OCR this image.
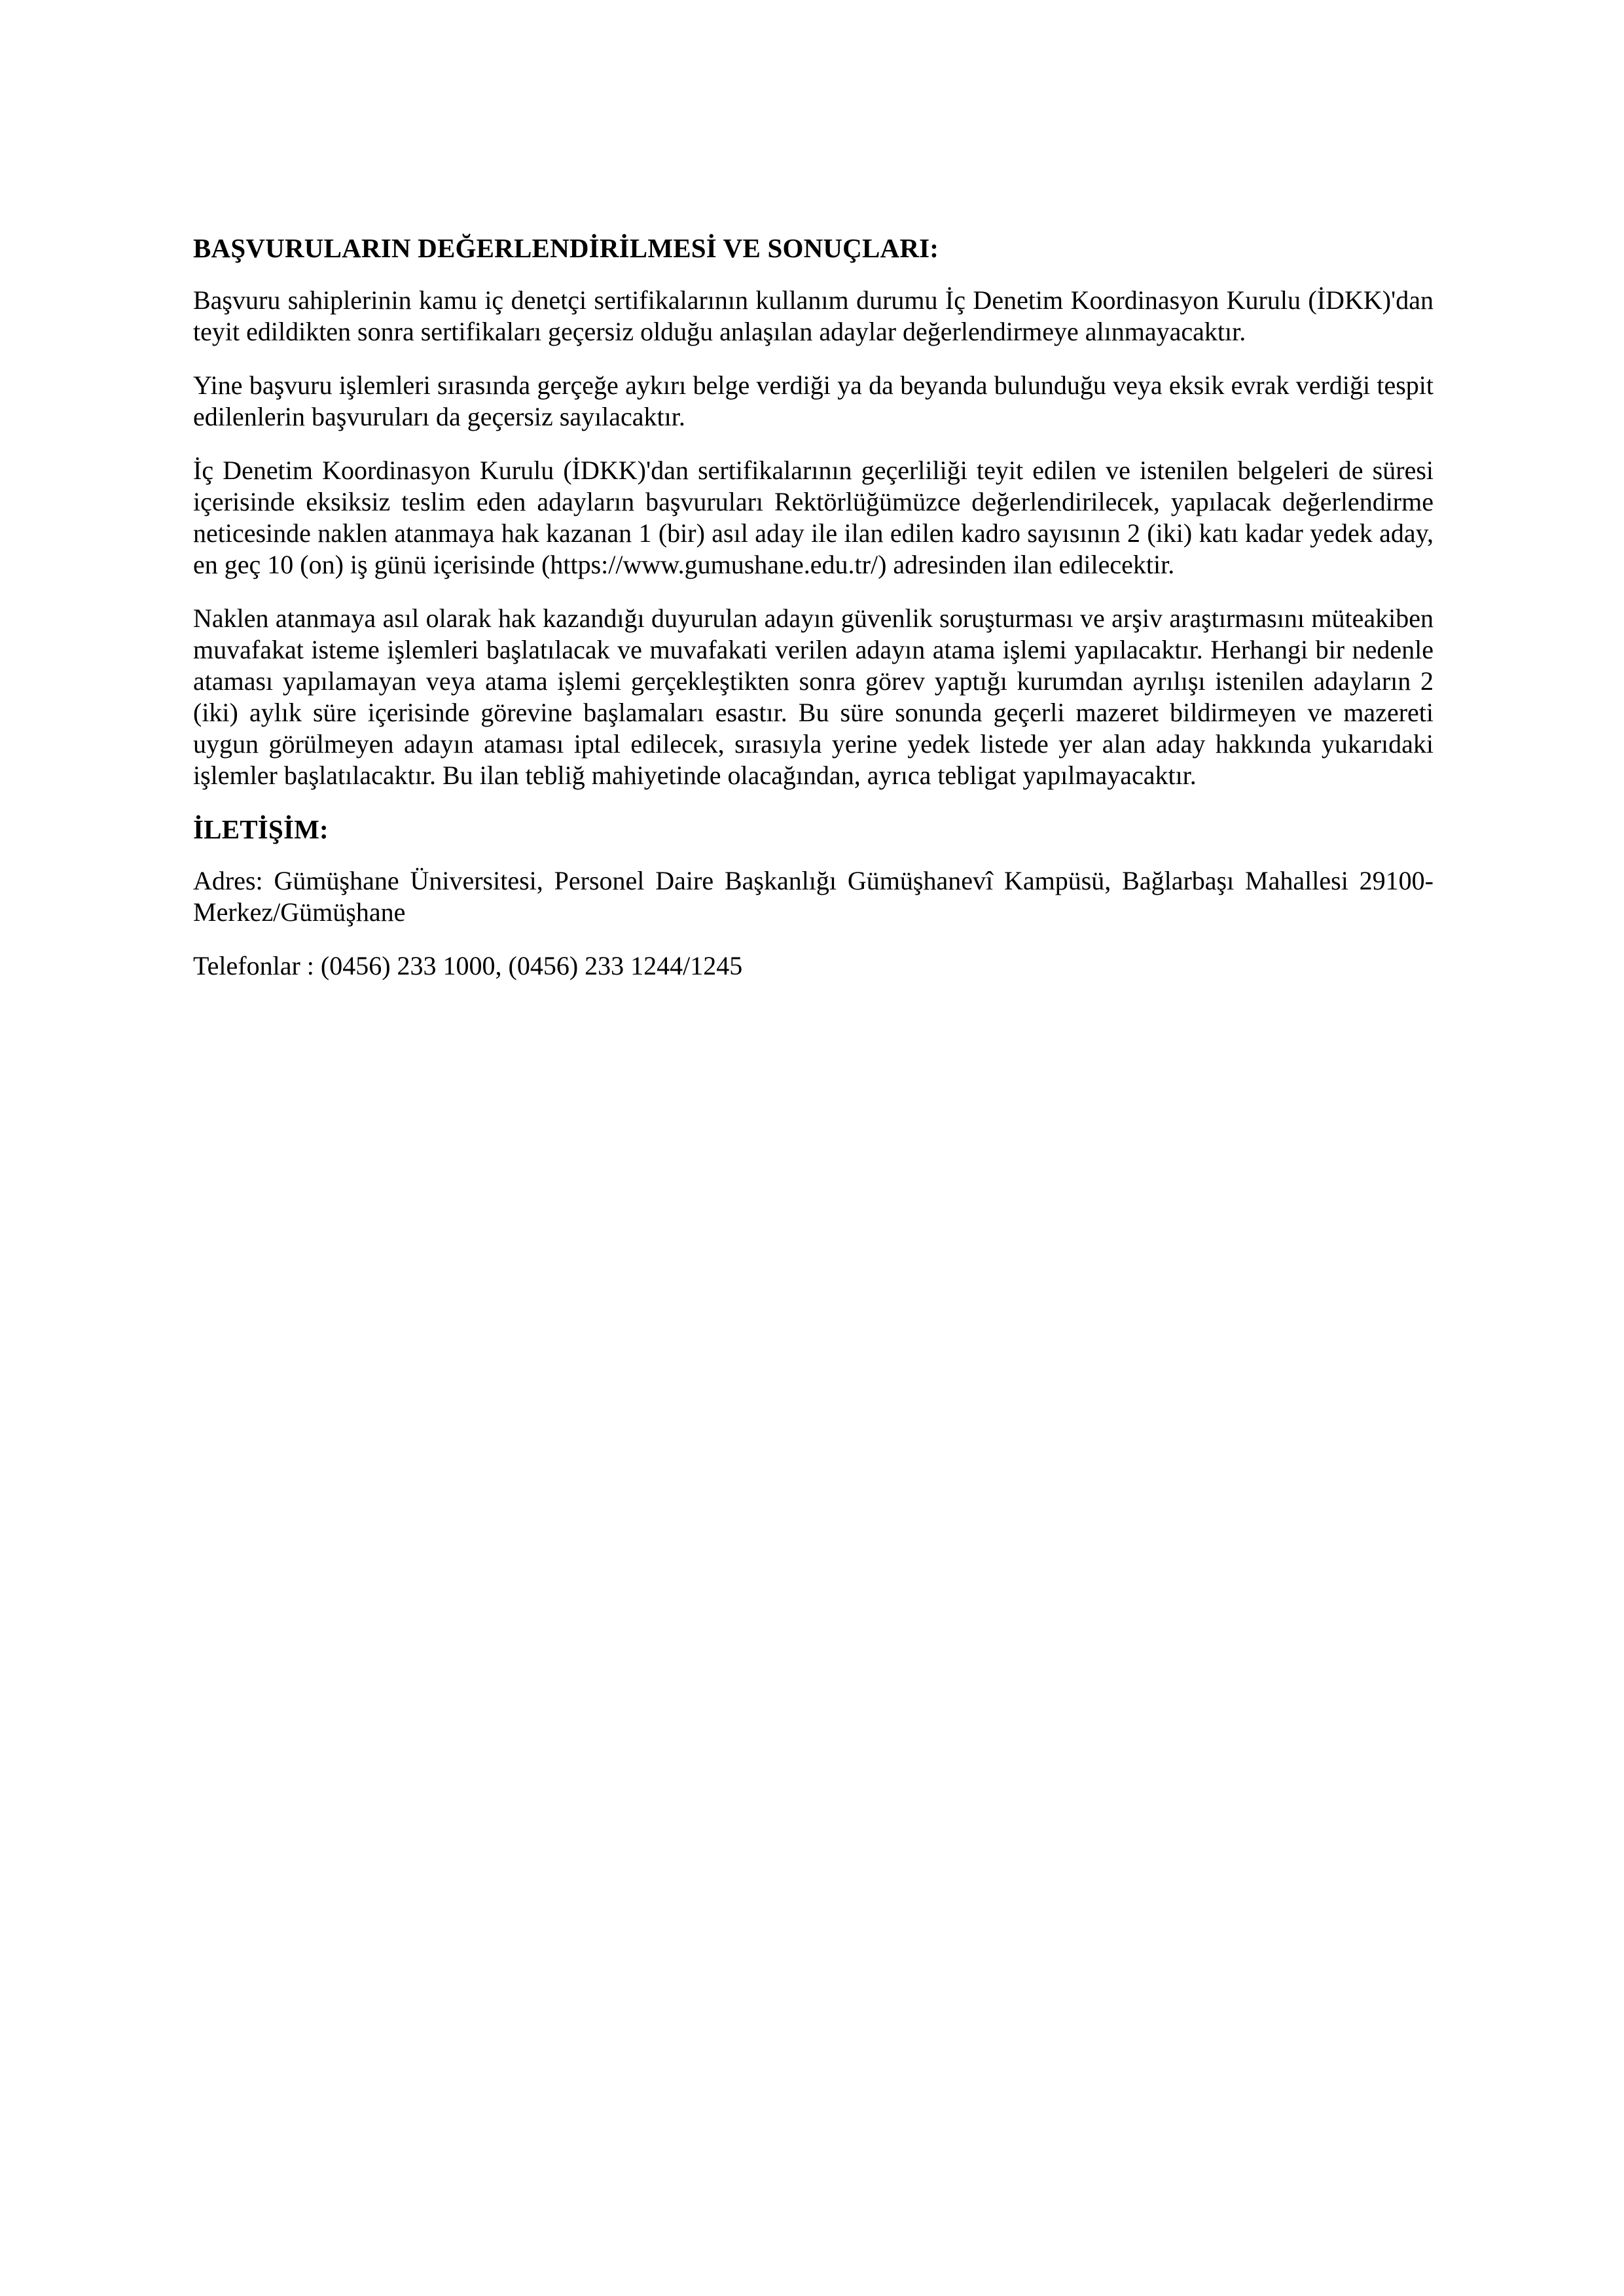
BAŞVURULARIN DEĞERLENDİRİLMESİ VE SONUÇLARI:

Başvuru sahiplerinin kamu iç denetçi sertifikalarının kullanım durumu İç Denetim Koordinasyon Kurulu (İDKK)'dan teyit edildikten sonra sertifikaları geçersiz olduğu anlaşılan adaylar değerlendirmeye alınmayacaktır.

Yine başvuru işlemleri sırasında gerçeğe aykırı belge verdiği ya da beyanda bulunduğu veya eksik evrak verdiği tespit edilenlerin başvuruları da geçersiz sayılacaktır.

İç Denetim Koordinasyon Kurulu (İDKK)'dan sertifikalarının geçerliliği teyit edilen ve istenilen belgeleri de süresi içerisinde eksiksiz teslim eden adayların başvuruları Rektörlüğümüzce değerlendirilecek, yapılacak değerlendirme neticesinde naklen atanmaya hak kazanan 1 (bir) asıl aday ile ilan edilen kadro sayısının 2 (iki) katı kadar yedek aday, en geç 10 (on) iş günü içerisinde (https://www.gumushane.edu.tr/) adresinden ilan edilecektir.

Naklen atanmaya asıl olarak hak kazandığı duyurulan adayın güvenlik soruşturması ve arşiv araştırmasını müteakiben muvafakat isteme işlemleri başlatılacak ve muvafakati verilen adayın atama işlemi yapılacaktır. Herhangi bir nedenle ataması yapılamayan veya atama işlemi gerçekleştikten sonra görev yaptığı kurumdan ayrılışı istenilen adayların 2 (iki) aylık süre içerisinde görevine başlamaları esastır. Bu süre sonunda geçerli mazeret bildirmeyen ve mazereti uygun görülmeyen adayın ataması iptal edilecek, sırasıyla yerine yedek listede yer alan aday hakkında yukarıdaki işlemler başlatılacaktır. Bu ilan tebliğ mahiyetinde olacağından, ayrıca tebligat yapılmayacaktır.

İLETİŞİM:

Adres: Gümüşhane Üniversitesi, Personel Daire Başkanlığı Gümüşhanevî Kampüsü, Bağlarbaşı Mahallesi 29100- Merkez/Gümüşhane

Telefonlar : (0456) 233 1000, (0456) 233 1244/1245
